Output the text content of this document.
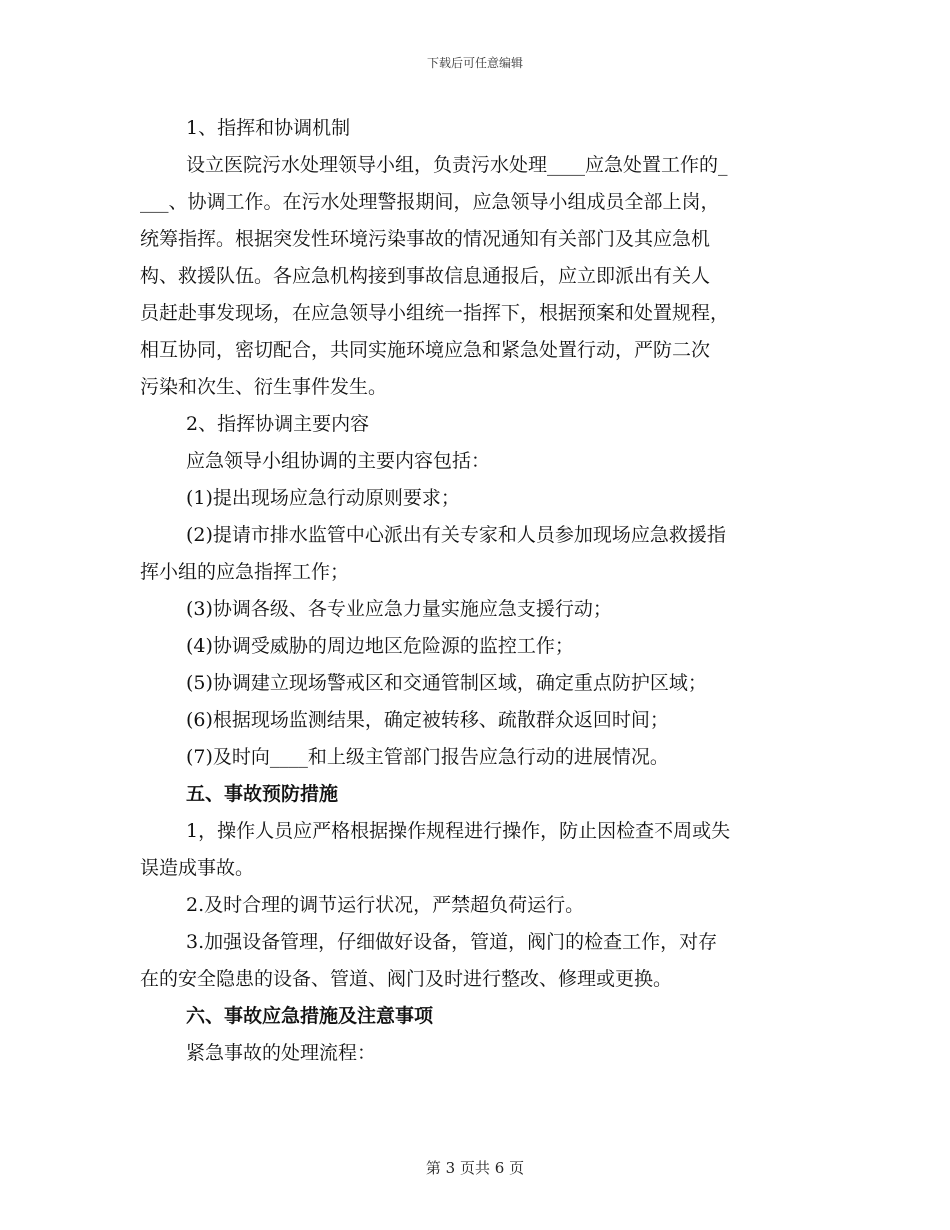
下载后可任意编辑
1、指挥和协调机制
设立医院污水处理领导小组，负责污水处理____应急处置工作的_
___、协调工作。在污水处理警报期间，应急领导小组成员全部上岗，
统筹指挥。根据突发性环境污染事故的情况通知有关部门及其应急机
构、救援队伍。各应急机构接到事故信息通报后，应立即派出有关人
员赶赴事发现场，在应急领导小组统一指挥下，根据预案和处置规程，
相互协同，密切配合，共同实施环境应急和紧急处置行动，严防二次
污染和次生、衍生事件发生。
2、指挥协调主要内容
应急领导小组协调的主要内容包括：
(1)提出现场应急行动原则要求；
(2)提请市排水监管中心派出有关专家和人员参加现场应急救援指
挥小组的应急指挥工作；
(3)协调各级、各专业应急力量实施应急支援行动；
(4)协调受威胁的周边地区危险源的监控工作；
(5)协调建立现场警戒区和交通管制区域，确定重点防护区域；
(6)根据现场监测结果，确定被转移、疏散群众返回时间；
(7)及时向____和上级主管部门报告应急行动的进展情况。
五、事故预防措施
1，操作人员应严格根据操作规程进行操作，防止因检查不周或失
误造成事故。
2.及时合理的调节运行状况，严禁超负荷运行。
3.加强设备管理，仔细做好设备，管道，阀门的检查工作，对存
在的安全隐患的设备、管道、阀门及时进行整改、修理或更换。
六、事故应急措施及注意事项
紧急事故的处理流程：
第 3 页共 6 页
